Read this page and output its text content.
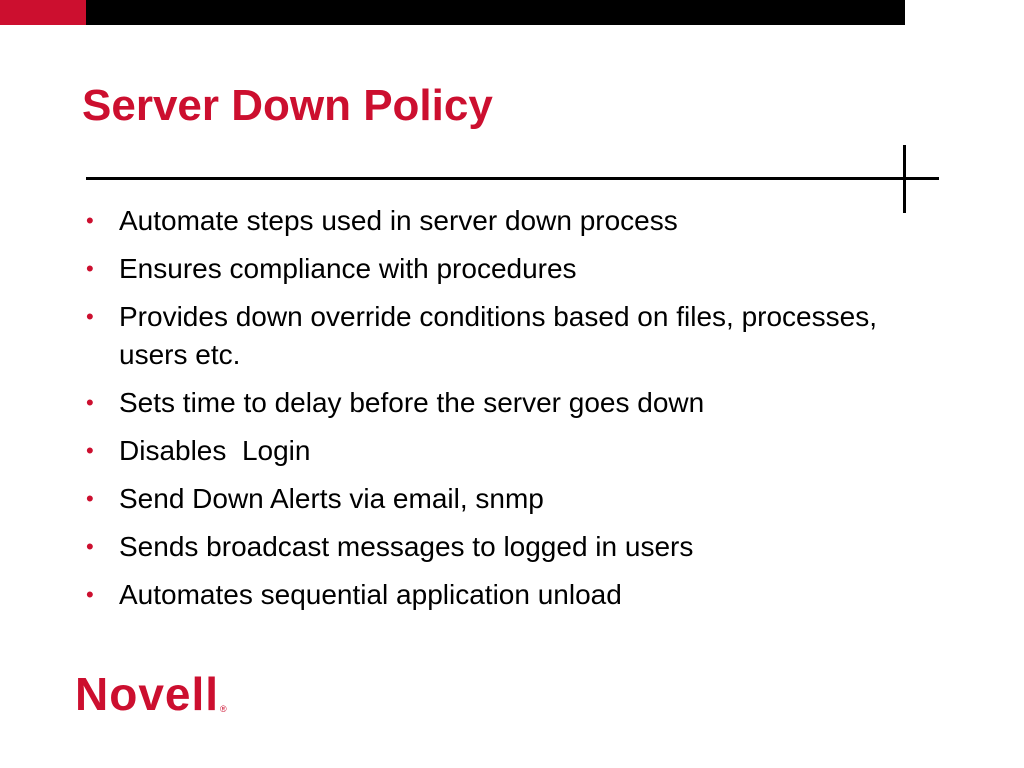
Server Down Policy
• Automate steps used in server down process
• Ensures compliance with procedures
• Provides down override conditions based on files, processes, users etc.
• Sets time to delay before the server goes down
• Disables  Login
• Send Down Alerts via email, snmp
• Sends broadcast messages to logged in users
• Automates sequential application unload
Novell ®
